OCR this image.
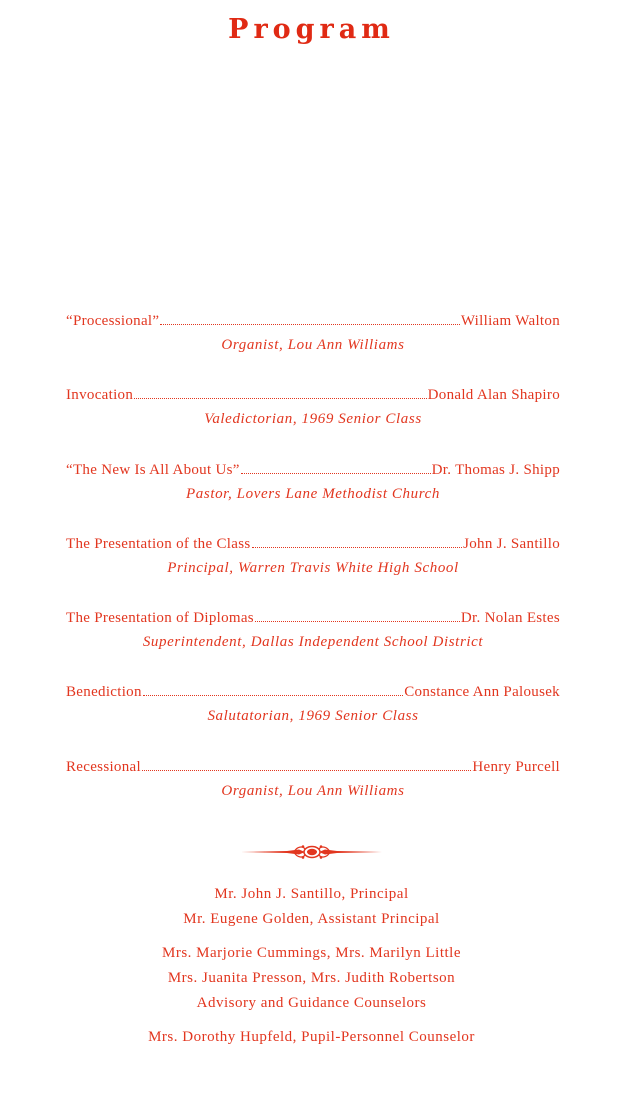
Program
“Processional”	William Walton
Organist, Lou Ann Williams
Invocation	Donald Alan Shapiro
Valedictorian, 1969 Senior Class
“The New Is All About Us”	Dr. Thomas J. Shipp
Pastor, Lovers Lane Methodist Church
The Presentation of the Class	John J. Santillo
Principal, Warren Travis White High School
The Presentation of Diplomas	Dr. Nolan Estes
Superintendent, Dallas Independent School District
Benediction	Constance Ann Palousek
Salutatorian, 1969 Senior Class
Recessional	Henry Purcell
Organist, Lou Ann Williams
Mr. John J. Santillo, Principal
Mr. Eugene Golden, Assistant Principal
Mrs. Marjorie Cummings, Mrs. Marilyn Little
Mrs. Juanita Presson, Mrs. Judith Robertson
Advisory and Guidance Counselors
Mrs. Dorothy Hupfeld, Pupil-Personnel Counselor
